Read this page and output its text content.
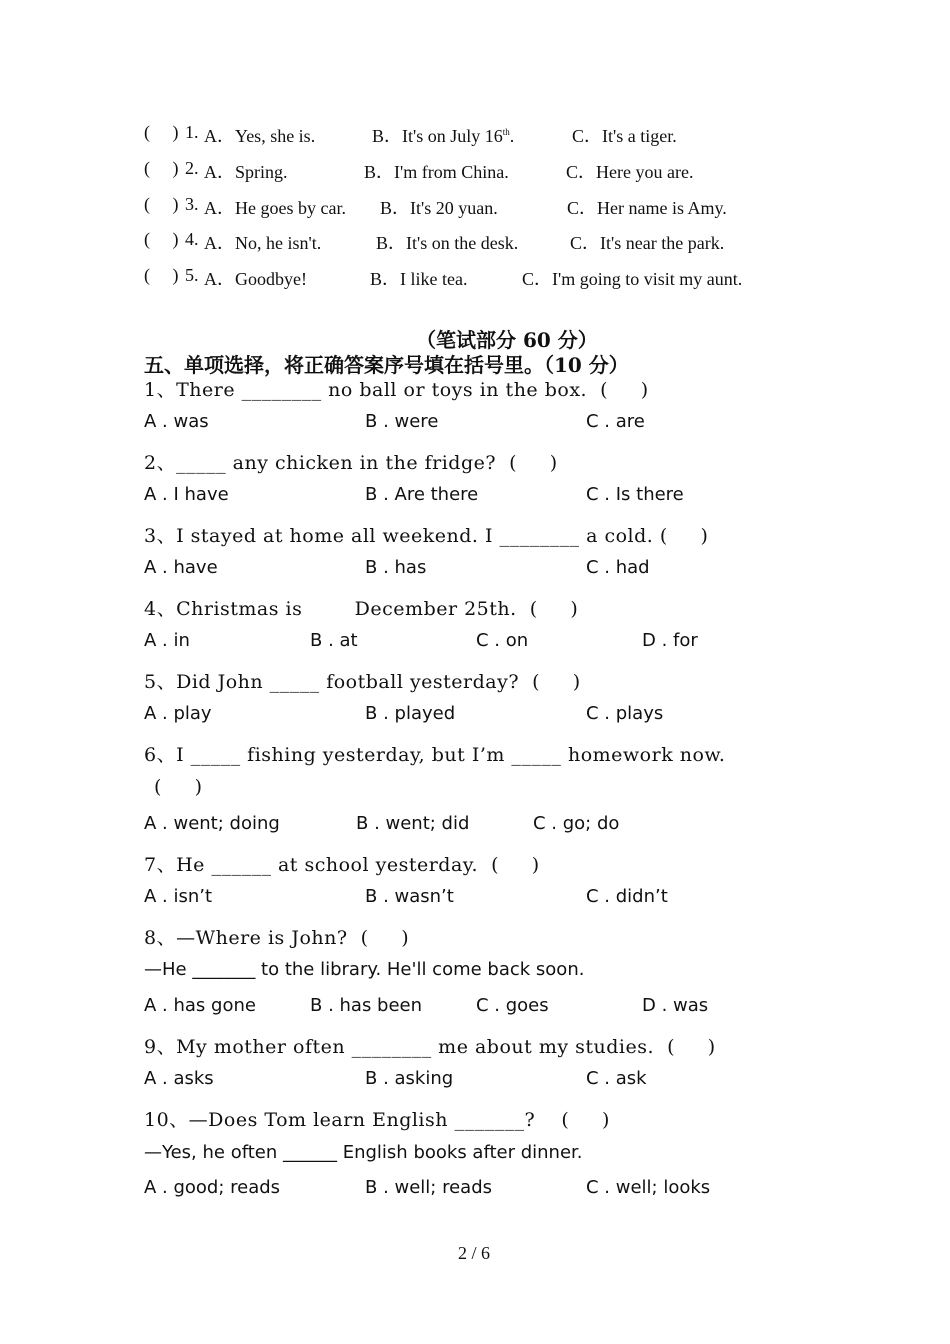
(     ) 1. A．Yes, she is.	B．It's on July 16th.	C．It's a tiger.
(     ) 2. A．Spring.	B．I'm from China.	C．Here you are.
(     ) 3. A．He goes by car. B．It's 20 yuan.	C．Her name is Amy.
(     ) 4. A．No, he isn't.	B．It's on the desk.	C．It's near the park.
(     ) 5. A．Goodbye!	B．I like tea.	C．I'm going to visit my aunt.
（笔试部分 60 分）
五、单项选择，将正确答案序号填在括号里。（10 分）
1、There ________ no ball or toys in the box.  (     )
A . was	B . were	C . are
2、_____ any chicken in the fridge?  (     )
A . I have	B . Are there	C . Is there
3、I stayed at home all weekend. I ________ a cold. (     )
A . have	B . has	C . had
4、Christmas is        December 25th.  (     )
A . in	B . at	C . on	D . for
5、Did John _____ football yesterday?  (     )
A . play	B . played	C . plays
6、I _____ fishing yesterday, but I’m _____ homework now.
(     )
A . went; doing	B . went; did	C . go; do
7、He ______ at school yesterday.  (     )
A . isn’t	B . wasn’t	C . didn’t
8、—Where is John?  (     )
—He _______ to the library. He'll come back soon.
A . has gone	B . has been	C . goes	D . was
9、My mother often ________ me about my studies.  (     )
A . asks	B . asking	C . ask
10、—Does Tom learn English _______?    (     )
—Yes, he often ______ English books after dinner.
A . good; reads	B . well; reads	C . well; looks
2 / 6
